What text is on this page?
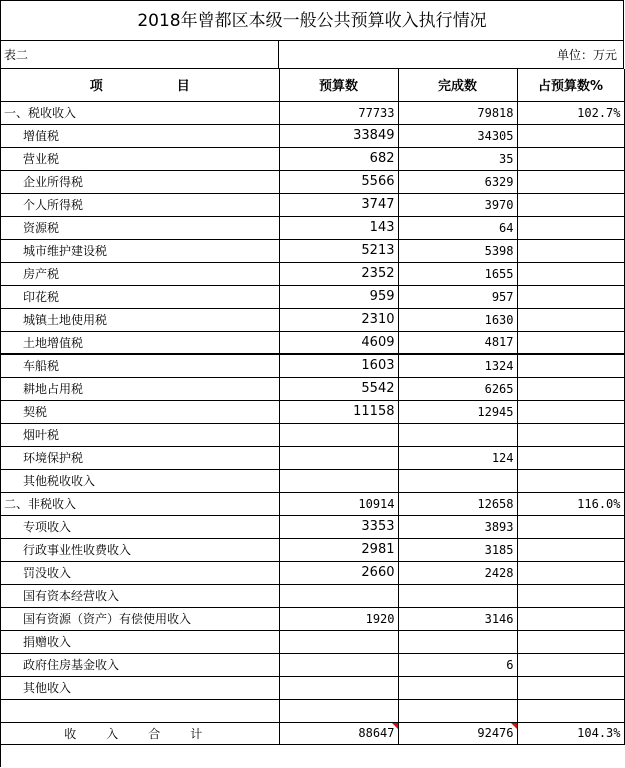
2018年曾都区本级一般公共预算收入执行情况
表二	单位：万元
项 目	预算数	完成数	占预算数%
一、税收收入	77733	79818	102.7%
增值税	33849	34305	
营业税	682	35	
企业所得税	5566	6329	
个人所得税	3747	3970	
资源税	143	64	
城市维护建设税	5213	5398	
房产税	2352	1655	
印花税	959	957	
城镇土地使用税	2310	1630	
土地增值税	4609	4817	
车船税	1603	1324	
耕地占用税	5542	6265	
契税	11158	12945	
烟叶税			
环境保护税		124	
其他税收收入			
二、非税收入	10914	12658	116.0%
专项收入	3353	3893	
行政事业性收费收入	2981	3185	
罚没收入	2660	2428	
国有资本经营收入			
国有资源（资产）有偿使用收入	1920	3146	
捐赠收入			
政府住房基金收入		6	
其他收入			

收入合计	88647	92476	104.3%
